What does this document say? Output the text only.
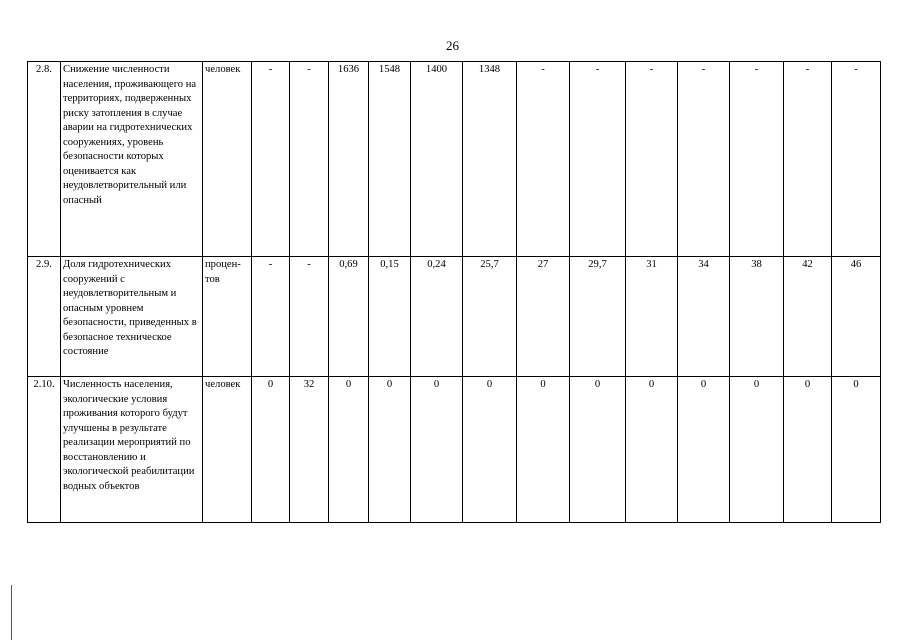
26
2.8.	Снижение численности населения, проживающего на территориях, подверженных риску затопления в случае аварии на гидротехнических сооружениях, уровень безопасности которых оценивается как неудовлетворительный или опасный	человек	-	-	1636	1548	1400	1348	-	-	-	-	-	-	-
2.9.	Доля гидротехнических сооружений с неудовлетворительным и опасным уровнем безопасности, приведенных в безопасное техническое состояние	процен-тов	-	-	0,69	0,15	0,24	25,7	27	29,7	31	34	38	42	46
2.10.	Численность населения, экологические условия проживания которого будут улучшены в результате реализации мероприятий по восстановлению и экологической реабилитации водных объектов	человек	0	32	0	0	0	0	0	0	0	0	0	0	0
